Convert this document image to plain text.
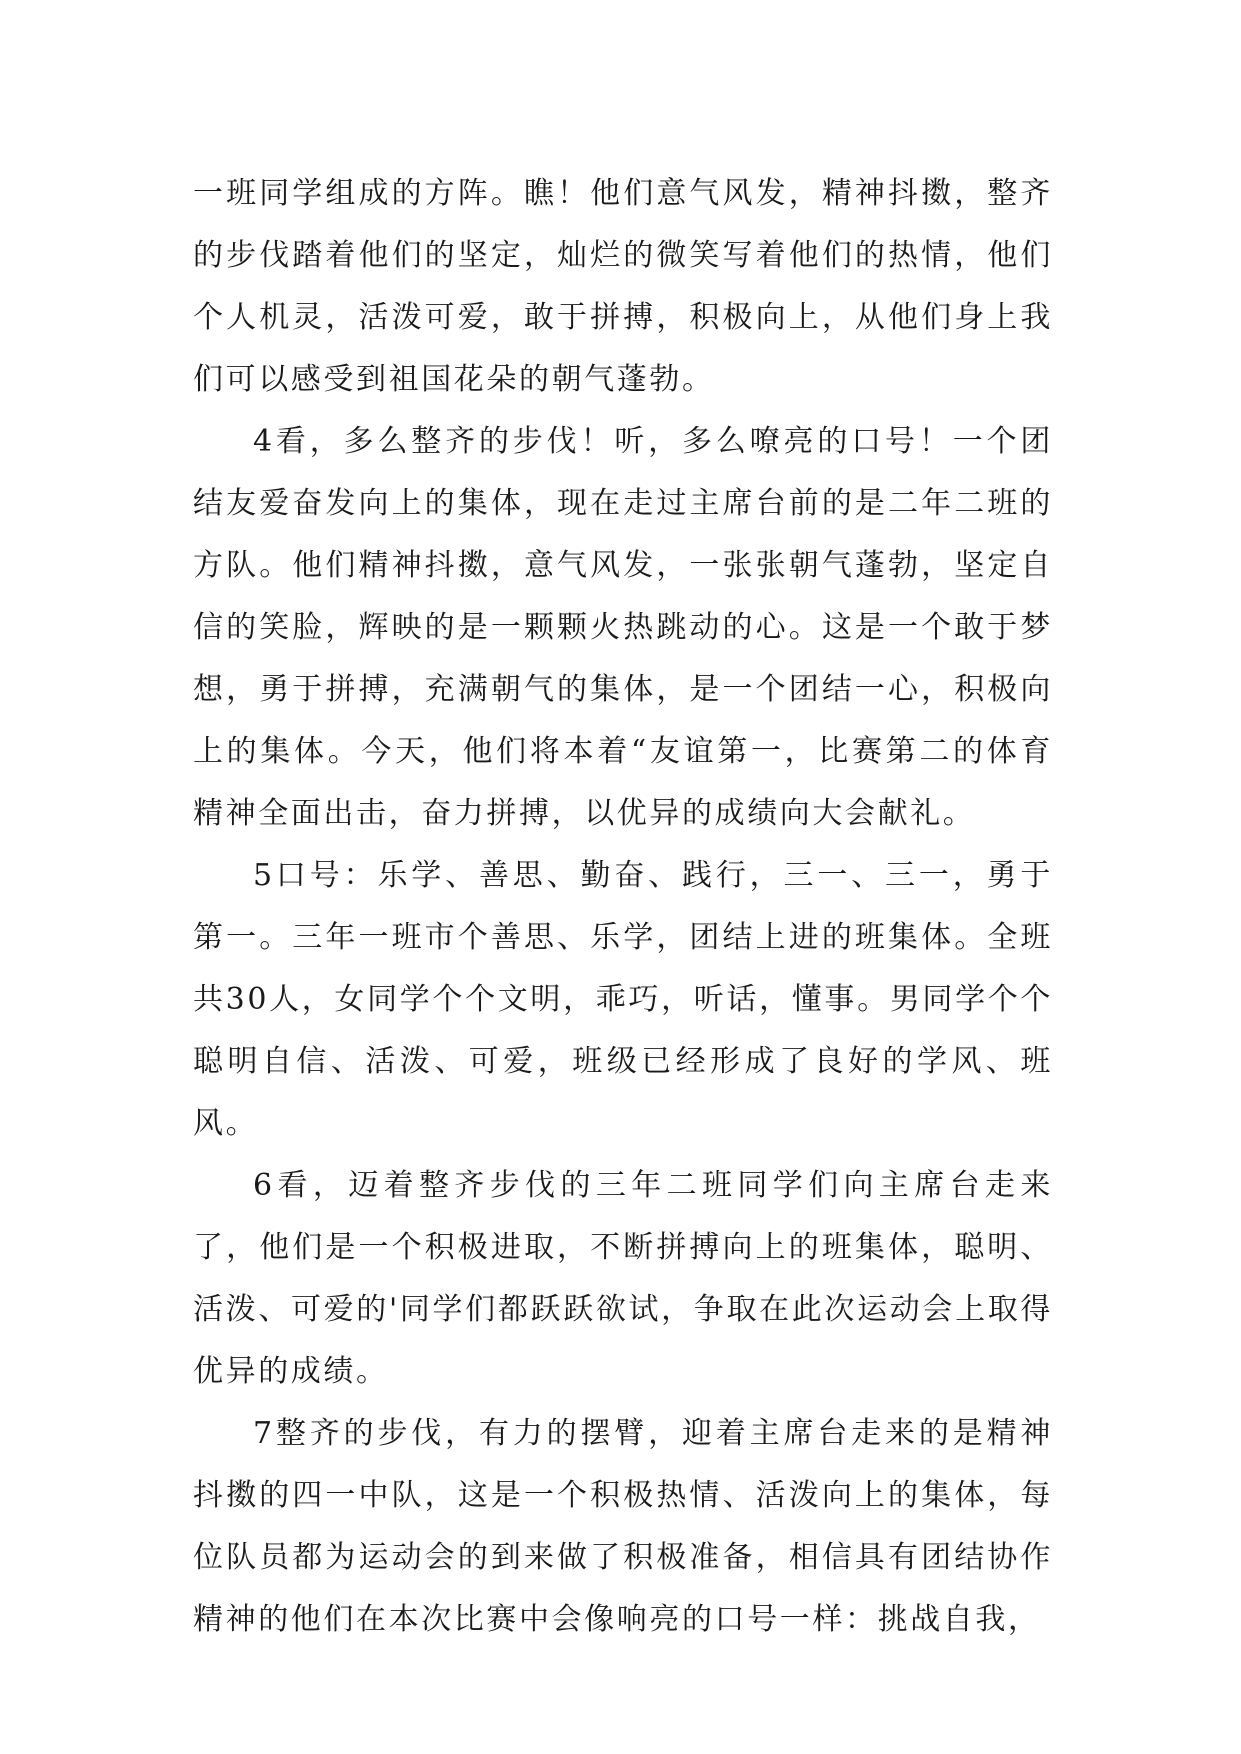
一班同学组成的方阵。瞧！他们意气风发，精神抖擞，整齐的步伐踏着他们的坚定，灿烂的微笑写着他们的热情，他们个人机灵，活泼可爱，敢于拼搏，积极向上，从他们身上我们可以感受到祖国花朵的朝气蓬勃。

4看，多么整齐的步伐！听，多么嘹亮的口号！一个团结友爱奋发向上的集体，现在走过主席台前的是二年二班的方队。他们精神抖擞，意气风发，一张张朝气蓬勃，坚定自信的笑脸，辉映的是一颗颗火热跳动的心。这是一个敢于梦想，勇于拼搏，充满朝气的集体，是一个团结一心，积极向上的集体。今天，他们将本着“友谊第一，比赛第二的体育精神全面出击，奋力拼搏，以优异的成绩向大会献礼。

5口号：乐学、善思、勤奋、践行，三一、三一，勇于第一。三年一班市个善思、乐学，团结上进的班集体。全班共30人，女同学个个文明，乖巧，听话，懂事。男同学个个聪明自信、活泼、可爱，班级已经形成了良好的学风、班风。

6看，迈着整齐步伐的三年二班同学们向主席台走来了，他们是一个积极进取，不断拼搏向上的班集体，聪明、活泼、可爱的'同学们都跃跃欲试，争取在此次运动会上取得优异的成绩。

7整齐的步伐，有力的摆臂，迎着主席台走来的是精神抖擞的四一中队，这是一个积极热情、活泼向上的集体，每位队员都为运动会的到来做了积极准备，相信具有团结协作精神的他们在本次比赛中会像响亮的口号一样：挑战自我，
